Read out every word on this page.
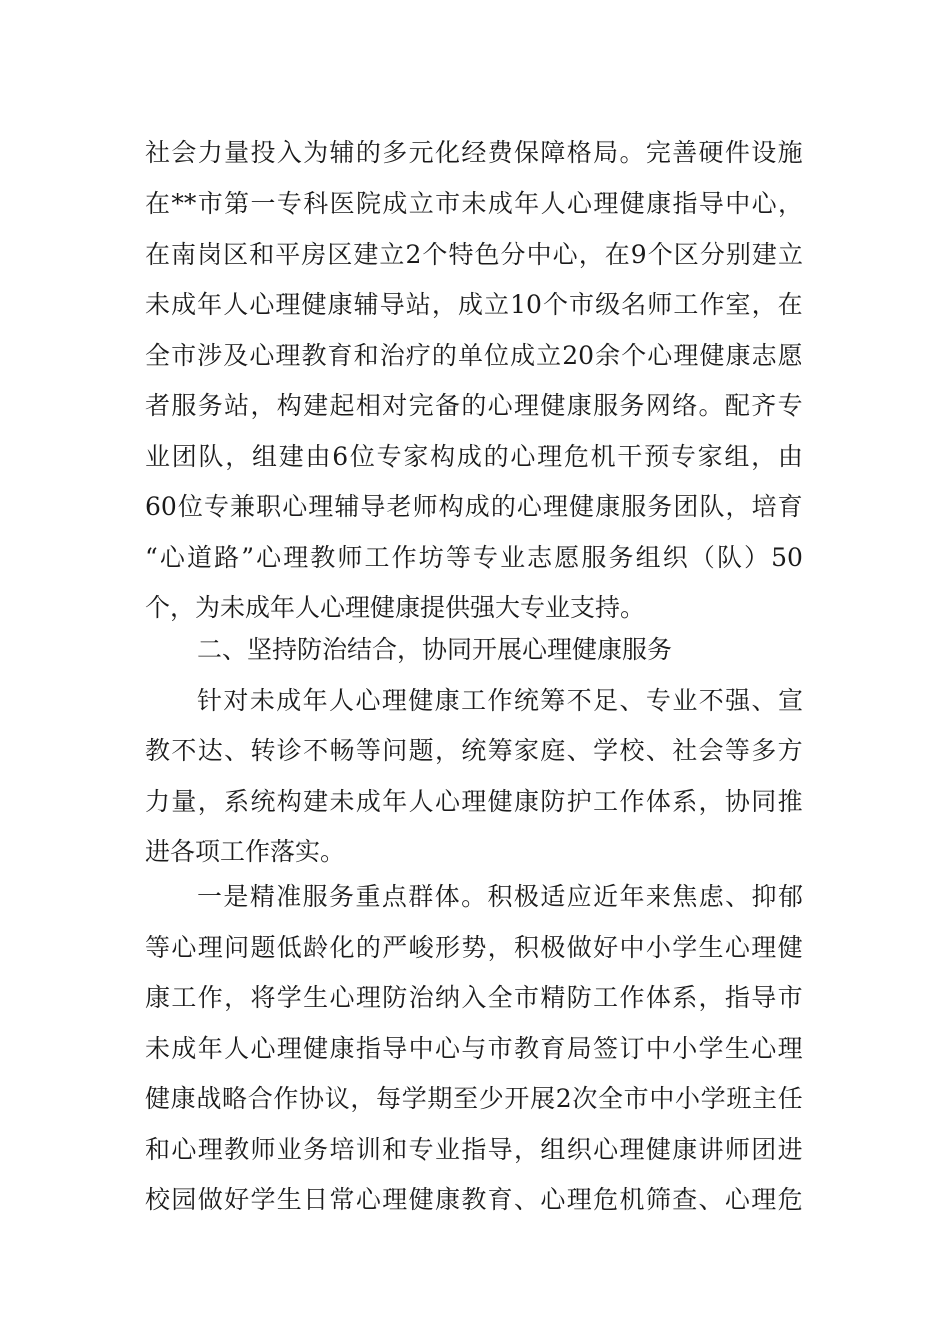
社 会 力 量 投 入 为 辅 的 多 元 化 经 费 保 障 格 局 。 完 善 硬 件 设 施
在 ** 市 第 一 专 科 医 院 成 立 市 未 成 年 人 心 理 健 康 指 导 中 心 ，
在 南 岗 区 和 平 房 区 建 立 2 个 特 色 分 中 心 ， 在 9 个 区 分 别 建 立
未 成 年 人 心 理 健 康 辅 导 站 ， 成 立 10 个 市 级 名 师 工 作 室 ， 在
全 市 涉 及 心 理 教 育 和 治 疗 的 单 位 成 立 20 余 个 心 理 健 康 志 愿
者 服 务 站 ， 构 建 起 相 对 完 备 的 心 理 健 康 服 务 网 络 。 配 齐 专
业 团 队 ， 组 建 由 6 位 专 家 构 成 的 心 理 危 机 干 预 专 家 组 ， 由
60 位 专 兼 职 心 理 辅 导 老 师 构 成 的 心 理 健 康 服 务 团 队 ， 培 育
“ 心 道 路 ” 心 理 教 师 工 作 坊 等 专 业 志 愿 服 务 组 织 （ 队 ） 50
个，为未成年人心理健康提供强大专业支持。
二、坚持防治结合，协同开展心理健康服务
针 对 未 成 年 人 心 理 健 康 工 作 统 筹 不 足 、 专 业 不 强 、 宣
教 不 达 、 转 诊 不 畅 等 问 题 ， 统 筹 家 庭 、 学 校 、 社 会 等 多 方
力 量 ， 系 统 构 建 未 成 年 人 心 理 健 康 防 护 工 作 体 系 ， 协 同 推
进各项工作落实。
一 是 精 准 服 务 重 点 群 体 。 积 极 适 应 近 年 来 焦 虑 、 抑 郁
等 心 理 问 题 低 龄 化 的 严 峻 形 势 ， 积 极 做 好 中 小 学 生 心 理 健
康 工 作 ， 将 学 生 心 理 防 治 纳 入 全 市 精 防 工 作 体 系 ， 指 导 市
未 成 年 人 心 理 健 康 指 导 中 心 与 市 教 育 局 签 订 中 小 学 生 心 理
健 康 战 略 合 作 协 议 ， 每 学 期 至 少 开 展 2 次 全 市 中 小 学 班 主 任
和 心 理 教 师 业 务 培 训 和 专 业 指 导 ， 组 织 心 理 健 康 讲 师 团 进
校 园 做 好 学 生 日 常 心 理 健 康 教 育 、 心 理 危 机 筛 查 、 心 理 危
